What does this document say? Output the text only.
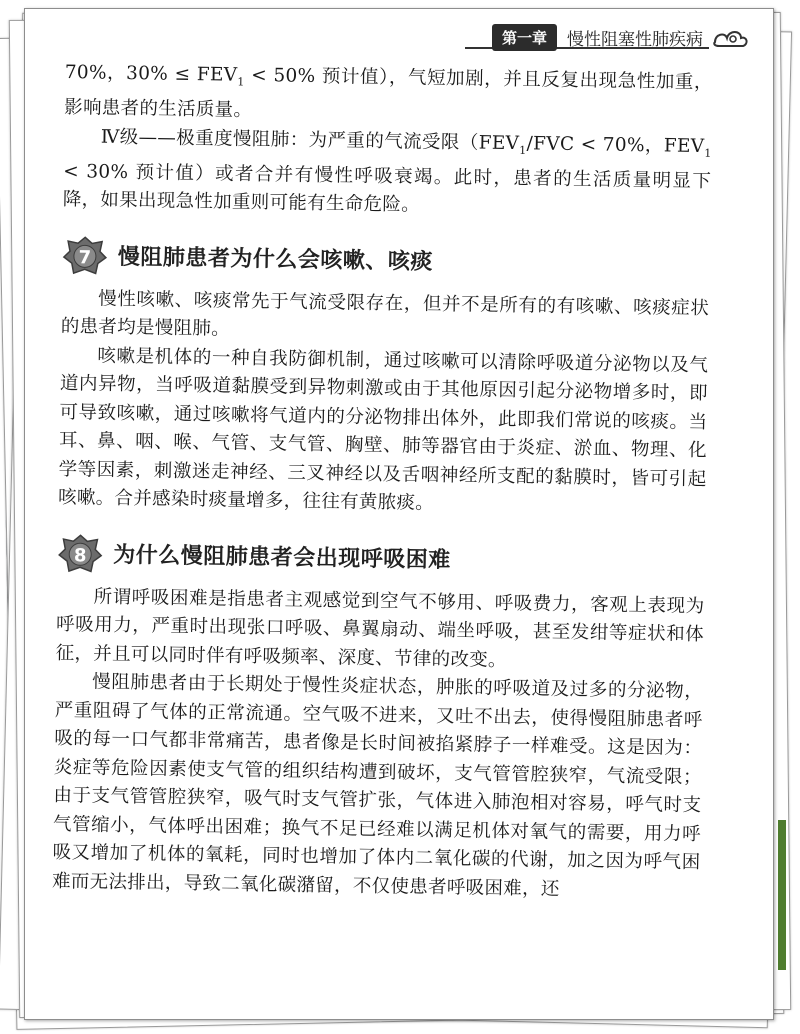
第一章	慢性阻塞性肺疾病

70%，$30\% \le FEV_1 < 50\%$ 预计值），气短加剧，并且反复出现急性加重，影响患者的生活质量。

Ⅳ级——极重度慢阻肺：为严重的气流受限（$FEV_1$/FVC < 70%，$FEV_1 < 30\%$ 预计值）或者合并有慢性呼吸衰竭。此时，患者的生活质量明显下降，如果出现急性加重则可能有生命危险。

7 慢阻肺患者为什么会咳嗽、咳痰

慢性咳嗽、咳痰常先于气流受限存在，但并不是所有的有咳嗽、咳痰症状的患者均是慢阻肺。

咳嗽是机体的一种自我防御机制，通过咳嗽可以清除呼吸道分泌物以及气道内异物，当呼吸道黏膜受到异物刺激或由于其他原因引起分泌物增多时，即可导致咳嗽，通过咳嗽将气道内的分泌物排出体外，此即我们常说的咳痰。当耳、鼻、咽、喉、气管、支气管、胸壁、肺等器官由于炎症、淤血、物理、化学等因素，刺激迷走神经、三叉神经以及舌咽神经所支配的黏膜时，皆可引起咳嗽。合并感染时痰量增多，往往有黄脓痰。

8 为什么慢阻肺患者会出现呼吸困难

所谓呼吸困难是指患者主观感觉到空气不够用、呼吸费力，客观上表现为呼吸用力，严重时出现张口呼吸、鼻翼扇动、端坐呼吸，甚至发绀等症状和体征，并且可以同时伴有呼吸频率、深度、节律的改变。

慢阻肺患者由于长期处于慢性炎症状态，肿胀的呼吸道及过多的分泌物，严重阻碍了气体的正常流通。空气吸不进来，又吐不出去，使得慢阻肺患者呼吸的每一口气都非常痛苦，患者像是长时间被掐紧脖子一样难受。这是因为：炎症等危险因素使支气管的组织结构遭到破坏，支气管管腔狭窄，气流受限；由于支气管管腔狭窄，吸气时支气管扩张，气体进入肺泡相对容易，呼气时支气管缩小，气体呼出困难；换气不足已经难以满足机体对氧气的需要，用力呼吸又增加了机体的氧耗，同时也增加了体内二氧化碳的代谢，加之因为呼气困难而无法排出，导致二氧化碳潴留，不仅使患者呼吸困难，还
